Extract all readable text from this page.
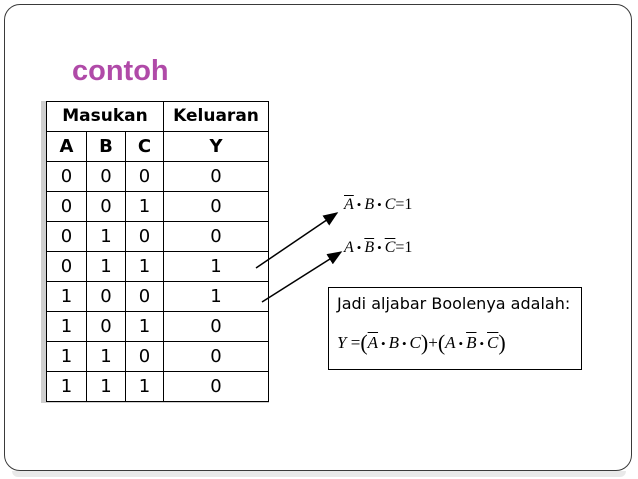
contoh
Masukan			Keluaran
A	B	C	Y
0	0	0	0
0	0	1	0
0	1	0	0
0	1	1	1
1	0	0	1
1	0	1	0
1	1	0	0
1	1	1	0
$\overline{A}$ • B • C=1
A • $\overline{B}$ • $\overline{C}=1$
Jadi aljabar Boolenya adalah:
$Y =(\overline{A}$ • B • C)+(A • $\overline{B}$ • $\overline{C}$)
